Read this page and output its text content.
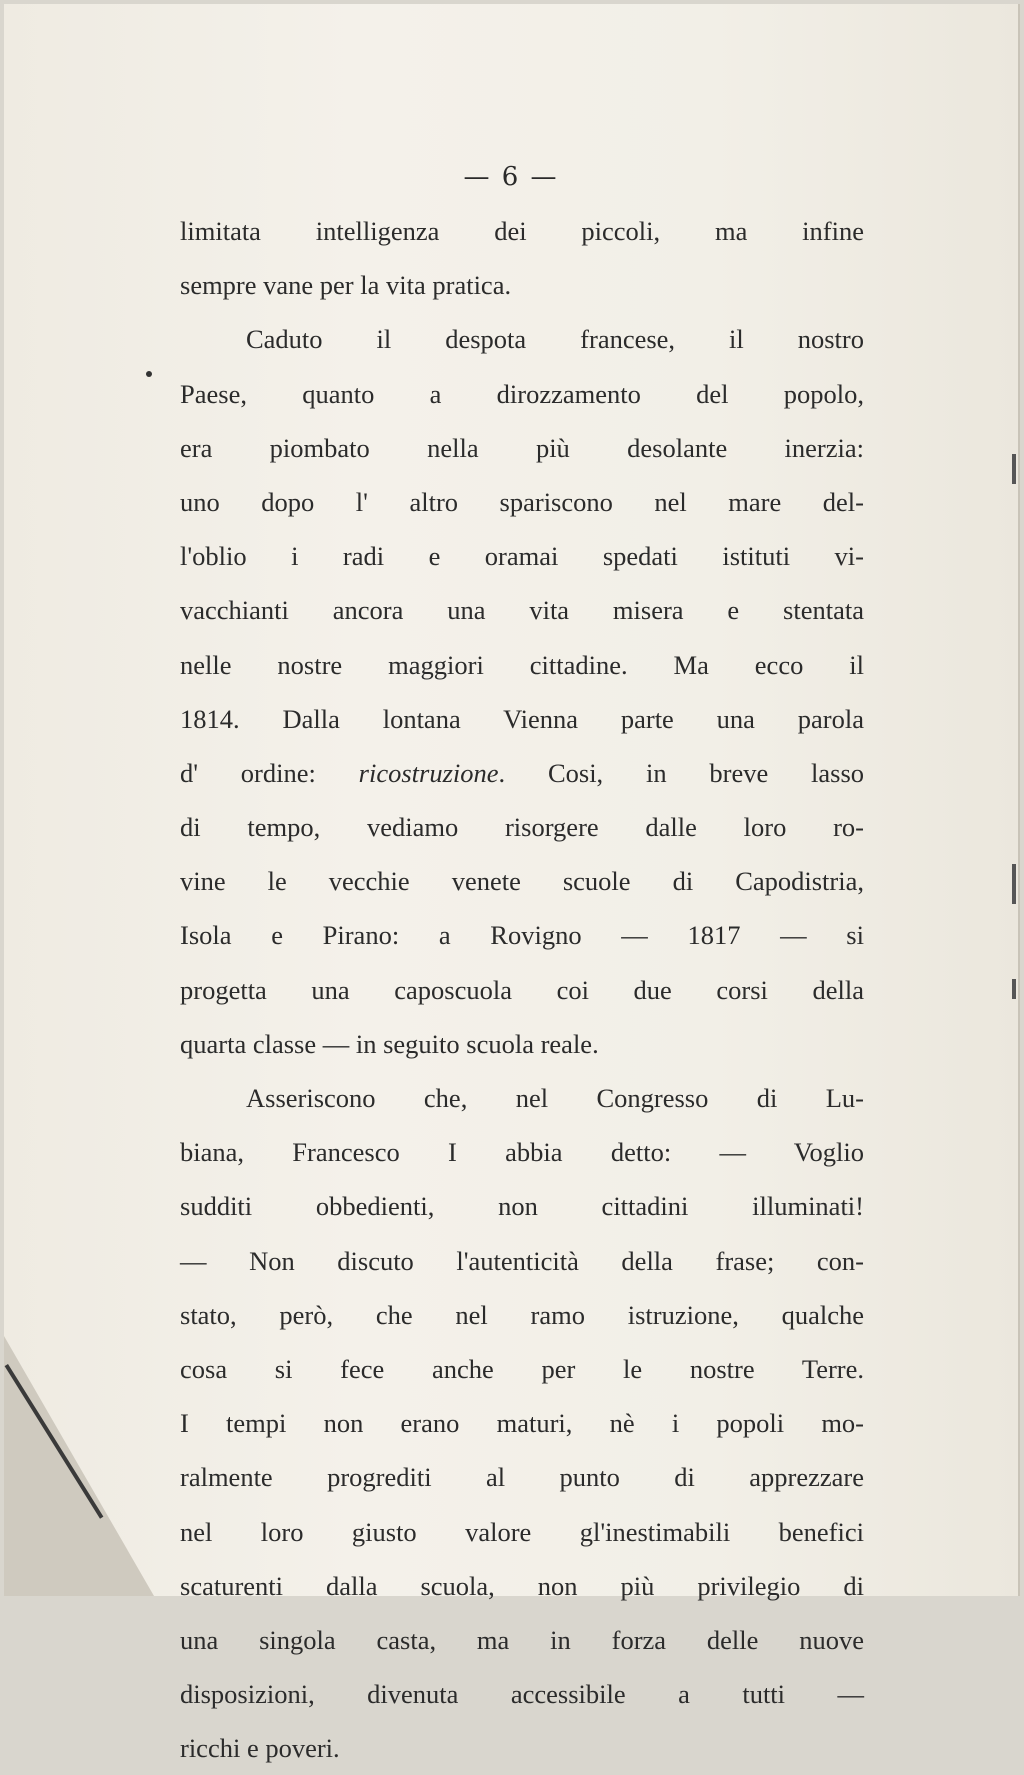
— 6 —
limitata intelligenza dei piccoli, ma infine
sempre vane per la vita pratica.
Caduto il despota francese, il nostro
Paese, quanto a dirozzamento del popolo,
era piombato nella più desolante inerzia:
uno dopo l' altro spariscono nel mare del-
l'oblio i radi e oramai spedati istituti vi-
vacchianti ancora una vita misera e stentata
nelle nostre maggiori cittadine. Ma ecco il
1814. Dalla lontana Vienna parte una parola
d' ordine: ricostruzione. Cosi, in breve lasso
di tempo, vediamo risorgere dalle loro ro-
vine le vecchie venete scuole di Capodistria,
Isola e Pirano: a Rovigno — 1817 — si
progetta una caposcuola coi due corsi della
quarta classe — in seguito scuola reale.
Asseriscono che, nel Congresso di Lu-
biana, Francesco I abbia detto: — Voglio
sudditi obbedienti, non cittadini illuminati!
— Non discuto l'autenticità della frase; con-
stato, però, che nel ramo istruzione, qualche
cosa si fece anche per le nostre Terre.
I tempi non erano maturi, nè i popoli mo-
ralmente progrediti al punto di apprezzare
nel loro giusto valore gl'inestimabili benefici
scaturenti dalla scuola, non più privilegio di
una singola casta, ma in forza delle nuove
disposizioni, divenuta accessibile a tutti —
ricchi e poveri.
